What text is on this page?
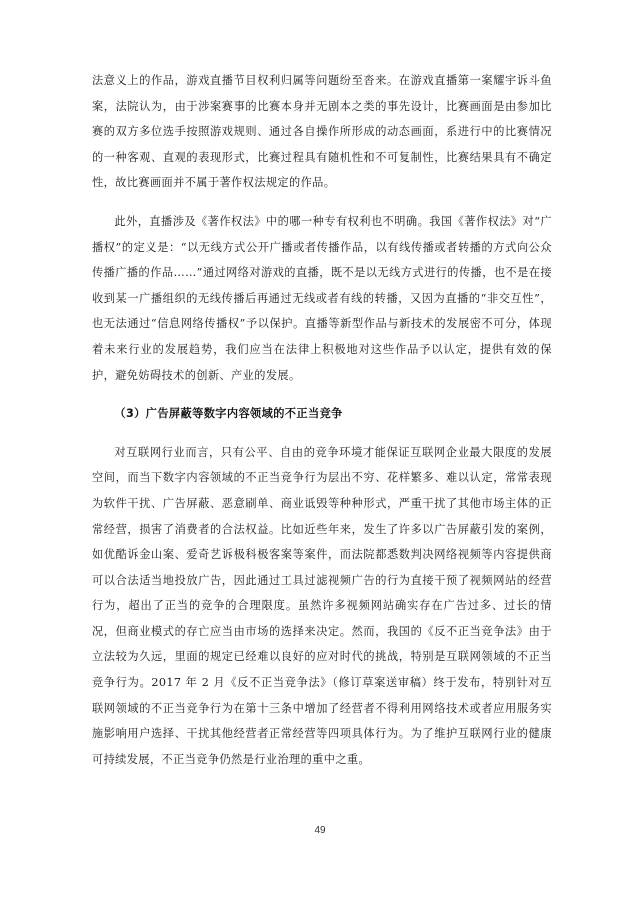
法意义上的作品，游戏直播节目权利归属等问题纷至沓来。在游戏直播第一案耀宇诉斗鱼案，法院认为，由于涉案赛事的比赛本身并无剧本之类的事先设计，比赛画面是由参加比赛的双方多位选手按照游戏规则、通过各自操作所形成的动态画面，系进行中的比赛情况的一种客观、直观的表现形式，比赛过程具有随机性和不可复制性，比赛结果具有不确定性，故比赛画面并不属于著作权法规定的作品。

此外，直播涉及《著作权法》中的哪一种专有权利也不明确。我国《著作权法》对“广播权”的定义是：“以无线方式公开广播或者传播作品，以有线传播或者转播的方式向公众传播广播的作品……”通过网络对游戏的直播，既不是以无线方式进行的传播，也不是在接收到某一广播组织的无线传播后再通过无线或者有线的转播，又因为直播的“非交互性”，也无法通过“信息网络传播权”予以保护。直播等新型作品与新技术的发展密不可分，体现着未来行业的发展趋势，我们应当在法律上积极地对这些作品予以认定，提供有效的保护，避免妨碍技术的创新、产业的发展。

（3）广告屏蔽等数字内容领域的不正当竞争

对互联网行业而言，只有公平、自由的竞争环境才能保证互联网企业最大限度的发展空间，而当下数字内容领域的不正当竞争行为层出不穷、花样繁多、难以认定，常常表现为软件干扰、广告屏蔽、恶意刷单、商业诋毁等种种形式，严重干扰了其他市场主体的正常经营，损害了消费者的合法权益。比如近些年来，发生了许多以广告屏蔽引发的案例，如优酷诉金山案、爱奇艺诉极科极客案等案件，而法院都悉数判决网络视频等内容提供商可以合法适当地投放广告，因此通过工具过滤视频广告的行为直接干预了视频网站的经营行为，超出了正当的竞争的合理限度。虽然许多视频网站确实存在广告过多、过长的情况，但商业模式的存亡应当由市场的选择来决定。然而，我国的《反不正当竞争法》由于立法较为久远，里面的规定已经难以良好的应对时代的挑战，特别是互联网领域的不正当竞争行为。2017 年 2 月《反不正当竞争法》（修订草案送审稿）终于发布，特别针对互联网领域的不正当竞争行为在第十三条中增加了经营者不得利用网络技术或者应用服务实施影响用户选择、干扰其他经营者正常经营等四项具体行为。为了维护互联网行业的健康可持续发展，不正当竞争仍然是行业治理的重中之重。

49
